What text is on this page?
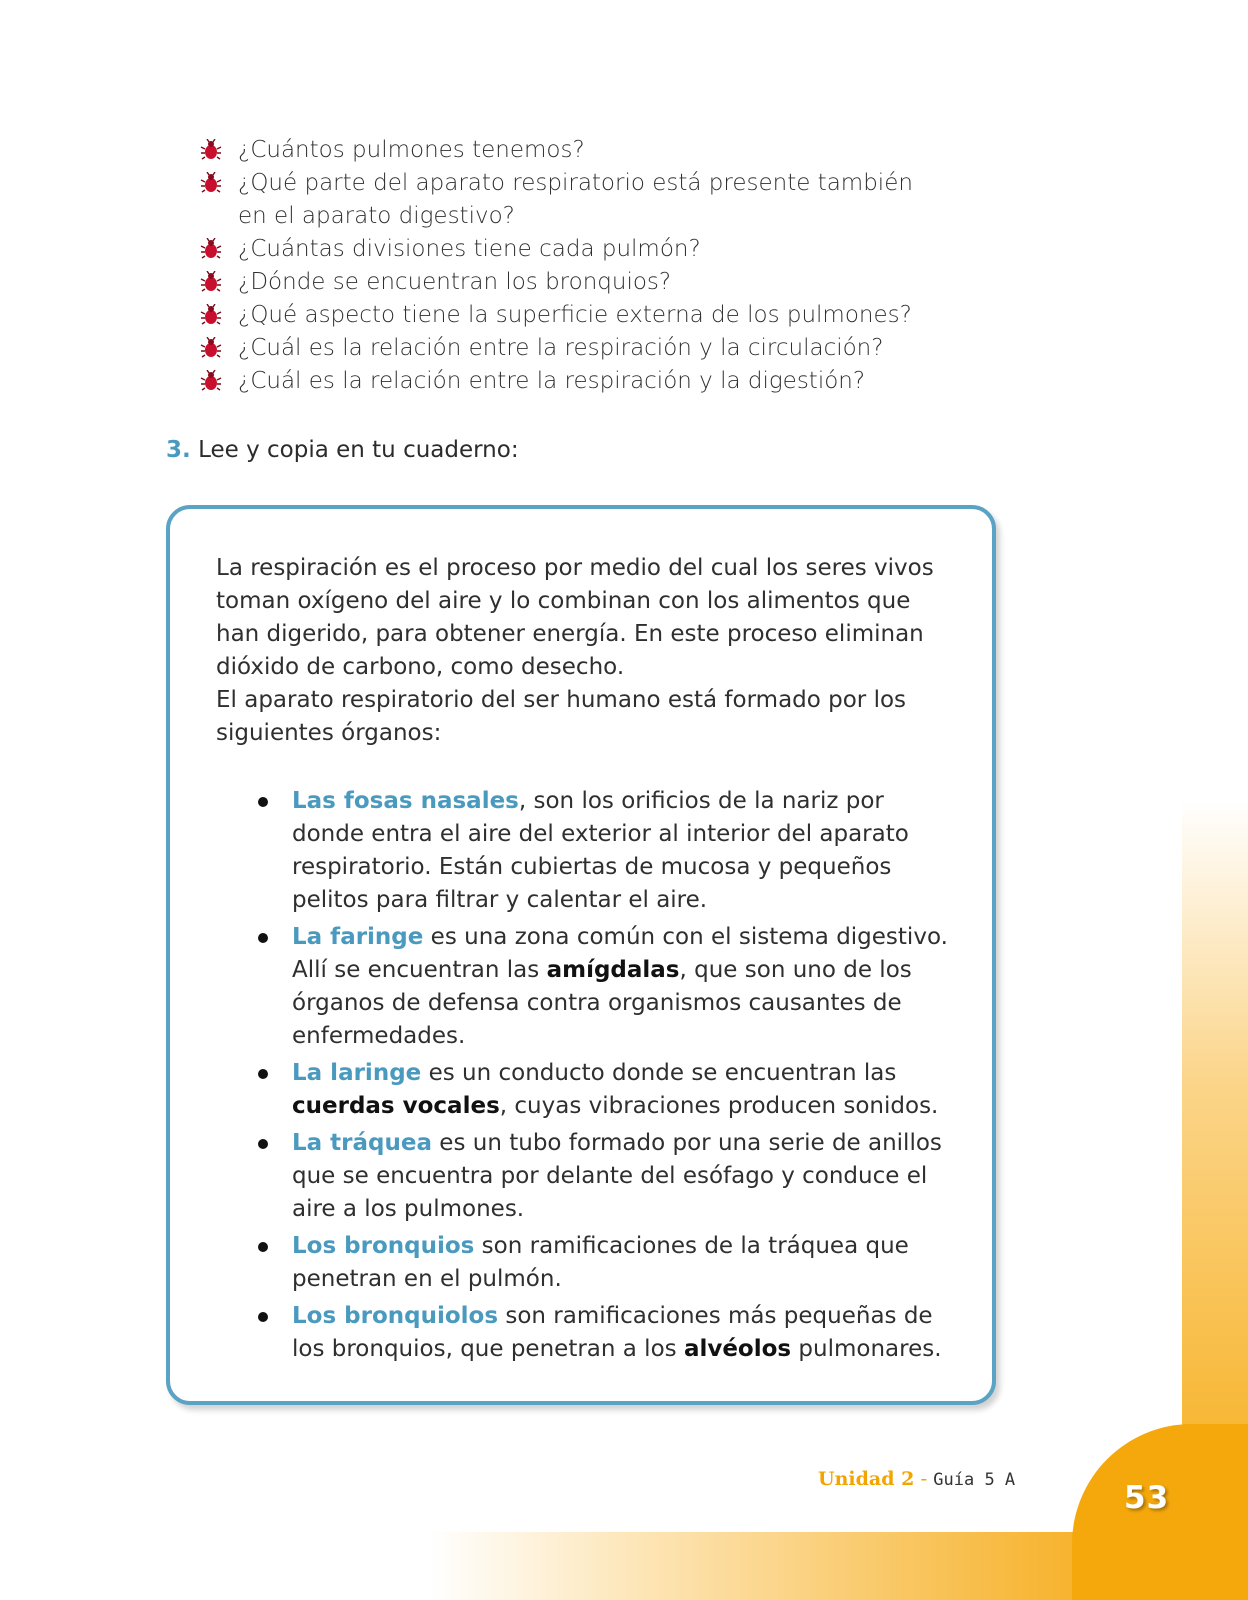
¿Cuántos pulmones tenemos?
¿Qué parte del aparato respiratorio está presente también en el aparato digestivo?
¿Cuántas divisiones tiene cada pulmón?
¿Dónde se encuentran los bronquios?
¿Qué aspecto tiene la superficie externa de los pulmones?
¿Cuál es la relación entre la respiración y la circulación?
¿Cuál es la relación entre la respiración y la digestión?
3. Lee y copia en tu cuaderno:

La respiración es el proceso por medio del cual los seres vivos toman oxígeno del aire y lo combinan con los alimentos que han digerido, para obtener energía. En este proceso eliminan dióxido de carbono, como desecho.

El aparato respiratorio del ser humano está formado por los siguientes órganos:

Las fosas nasales, son los orificios de la nariz por donde entra el aire del exterior al interior del aparato respiratorio. Están cubiertas de mucosa y pequeños pelitos para filtrar y calentar el aire.
La faringe es una zona común con el sistema digestivo. Allí se encuentran las amígdalas, que son uno de los órganos de defensa contra organismos causantes de enfermedades.
La laringe es un conducto donde se encuentran las cuerdas vocales, cuyas vibraciones producen sonidos.
La tráquea es un tubo formado por una serie de anillos que se encuentra por delante del esófago y conduce el aire a los pulmones.
Los bronquios son ramificaciones de la tráquea que penetran en el pulmón.
Los bronquiolos son ramificaciones más pequeñas de los bronquios, que penetran a los alvéolos pulmonares.
Unidad 2 - Guía 5 A	53
